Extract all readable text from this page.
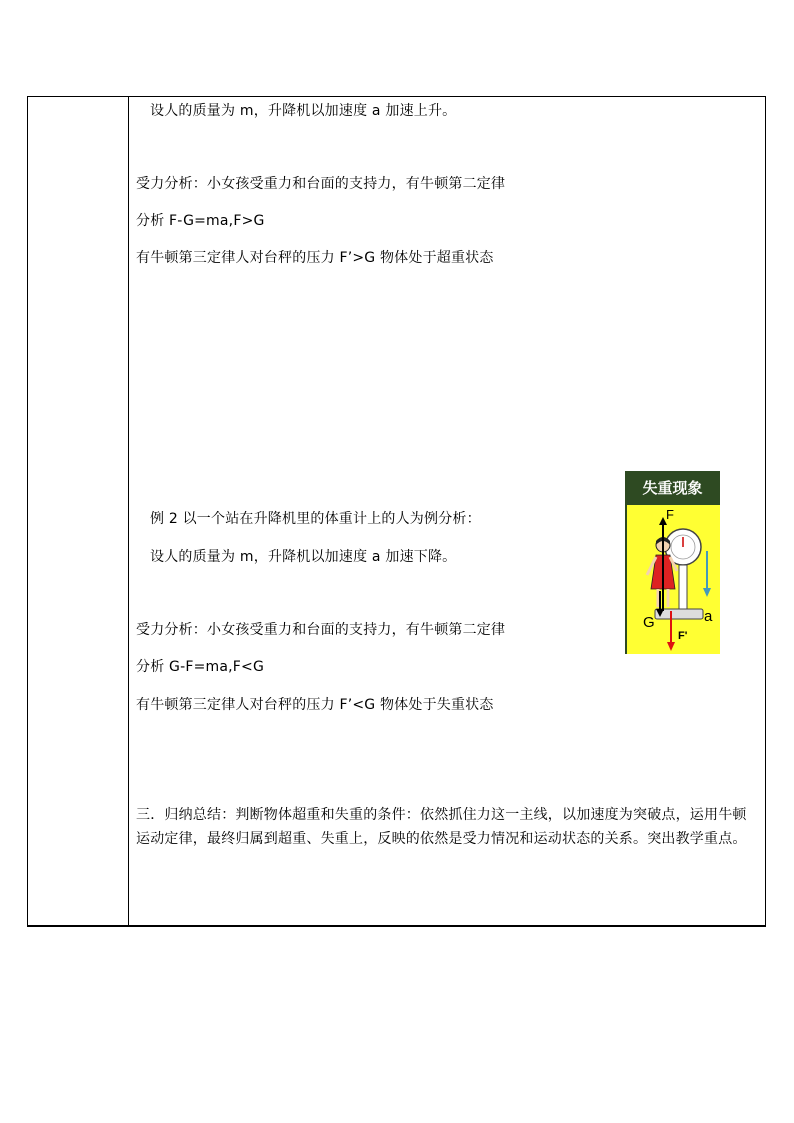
设人的质量为 m，升降机以加速度 a 加速上升。
受力分析：小女孩受重力和台面的支持力，有牛顿第二定律
分析 F-G=ma,F>G
有牛顿第三定律人对台秤的压力 F’>G 物体处于超重状态
例 2 以一个站在升降机里的体重计上的人为例分析：
设人的质量为 m，升降机以加速度 a 加速下降。
受力分析：小女孩受重力和台面的支持力，有牛顿第二定律
分析 G-F=ma,F<G
有牛顿第三定律人对台秤的压力 F’<G 物体处于失重状态
三．归纳总结：判断物体超重和失重的条件：依然抓住力这一主线，以加速度为突破点，运用牛顿运动定律，最终归属到超重、失重上，反映的依然是受力情况和运动状态的关系。突出教学重点。
失重现象
F
G
F'
a
